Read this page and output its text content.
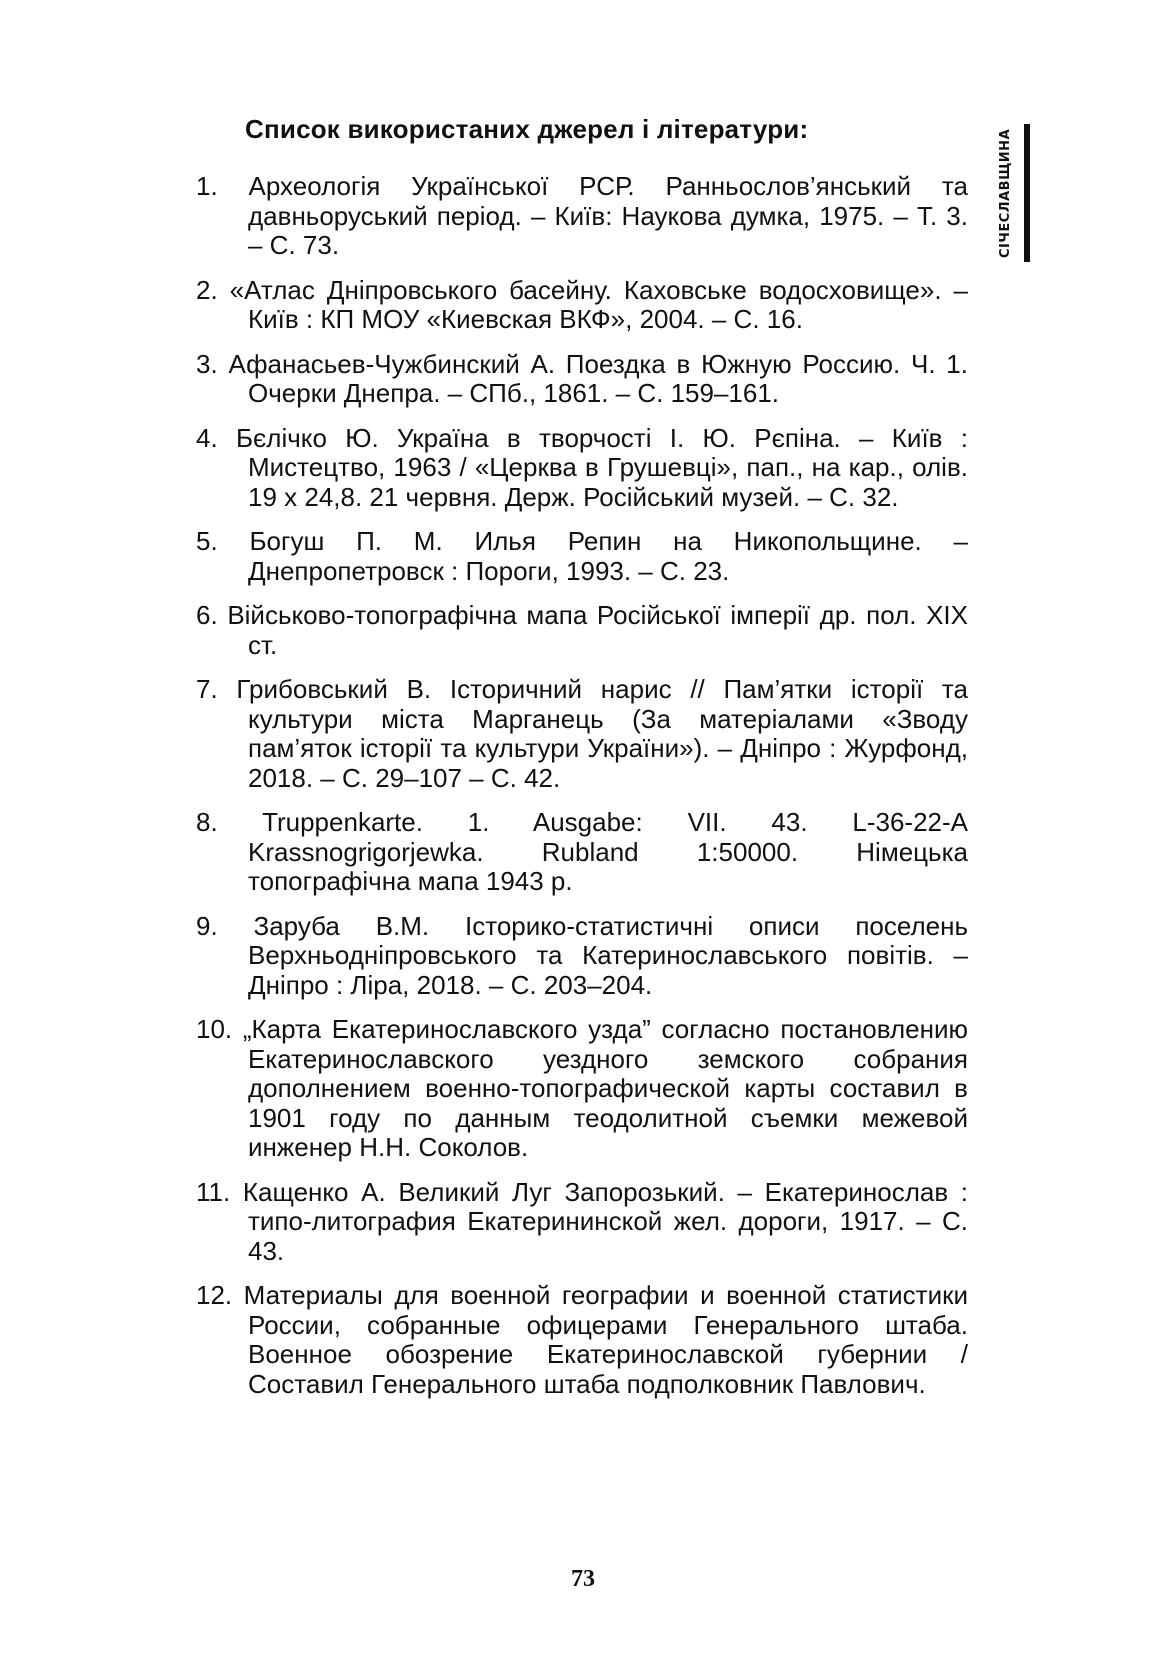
Список використаних джерел і літератури:	СІЧЕСЛАВЩИНА
1. Археологія Української РСР. Ранньослов’янський та давньоруський період. – Київ: Наукова думка, 1975. – Т. 3. – С. 73.
2. «Атлас Дніпровського басейну. Каховське водосховище». – Київ : КП МОУ «Киевская ВКФ», 2004. – С. 16.
3. Афанасьев-Чужбинский А. Поездка в Южную Россию. Ч. 1. Очерки Днепра. – СПб., 1861. – С. 159–161.
4. Бєлічко Ю. Україна в творчості І. Ю. Рєпіна. – Київ : Мистецтво, 1963 / «Церква в Грушевці», пап., на кар., олів. 19 х 24,8. 21 червня. Держ. Російський музей. – С. 32.
5. Богуш П. М. Илья Репин на Никопольщине. – Днепропетровск : Пороги, 1993. – С. 23.
6. Військово-топографічна мапа Російської імперії др. пол. XIX ст.
7. Грибовський В. Історичний нарис // Пам’ятки історії та культури міста Марганець (За матеріалами «Зводу пам’яток історії та культури України»). – Дніпро : Журфонд, 2018. – С. 29–107 – С. 42.
8. Truppenkarte. 1. Ausgabe: VII. 43. L-36-22-A Krassnogrigorjewka. Rubland 1:50000. Німецька топографічна мапа 1943 р.
9. Заруба В.М. Історико-статистичні описи поселень Верхньодніпровського та Катеринославського повітів. – Дніпро : Ліра, 2018. – С. 203–204.
10. „Карта Екатеринославского узда” согласно постановлению Екатеринославского уездного земского собрания дополнением военно-топографической карты составил в 1901 году по данным теодолитной съемки межевой инженер Н.Н. Соколов.
11. Кащенко А. Великий Луг Запорозький. – Екатеринослав : типо-литография Екатерининской жел. дороги, 1917. – С. 43.
12. Материалы для военной географии и военной статистики России, собранные офицерами Генерального штаба. Военное обозрение Екатеринославской губернии / Составил Генерального штаба подполковник Павлович.
73
